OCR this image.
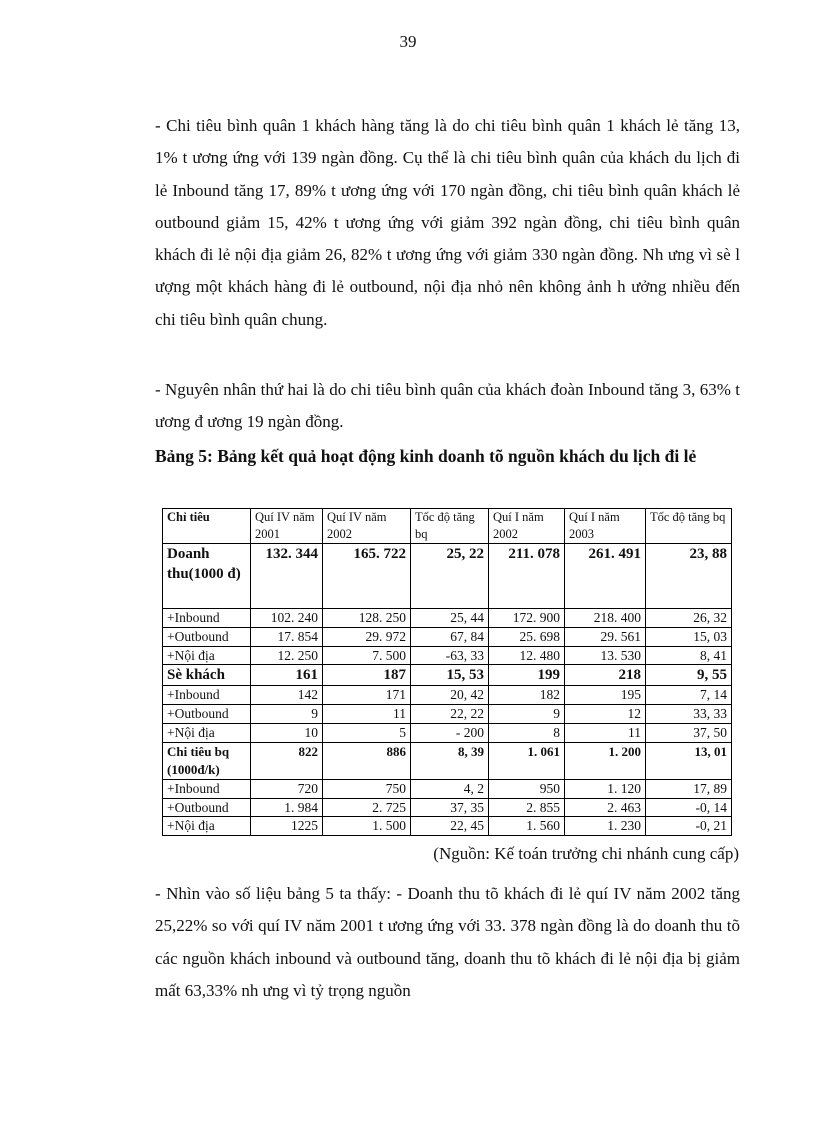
39

- Chi tiêu bình quân 1 khách hàng tăng là do chi tiêu bình quân 1 khách lẻ tăng 13, 1% t ương ứng với 139 ngàn đồng. Cụ thể là chi tiêu bình quân của khách du lịch đi lẻ Inbound tăng 17, 89% t ương ứng với 170 ngàn đồng, chi tiêu bình quân khách lẻ outbound giảm 15, 42% t ương ứng với giảm 392 ngàn đồng, chi tiêu bình quân khách đi lẻ nội địa giảm 26, 82% t ương ứng với giảm 330 ngàn đồng. Nh ưng vì sè l ượng một khách hàng đi lẻ outbound, nội địa nhỏ nên không ảnh h ưởng nhiều đến chi tiêu bình quân chung.

- Nguyên nhân thứ hai là do chi tiêu bình quân của khách đoàn Inbound tăng 3, 63% t ương đ ương 19 ngàn đồng.

Bảng 5: Bảng kết quả hoạt động kinh doanh tõ nguồn khách du lịch đi lẻ

Chỉ tiêu	Quí IV năm 2001	Quí IV năm 2002	Tốc độ tăng bq	Quí I năm 2002	Quí I năm 2003	Tốc độ tăng bq
Doanh thu(1000 đ)	132. 344	165. 722	25, 22	211. 078	261. 491	23, 88
+Inbound	102. 240	128. 250	25, 44	172. 900	218. 400	26, 32
+Outbound	17. 854	29. 972	67, 84	25. 698	29. 561	15, 03
+Nội địa	12. 250	7. 500	-63, 33	12. 480	13. 530	8, 41
Sè khách	161	187	15, 53	199	218	9, 55
+Inbound	142	171	20, 42	182	195	7, 14
+Outbound	9	11	22, 22	9	12	33, 33
+Nội địa	10	5	- 200	8	11	37, 50
Chi tiêu bq (1000đ/k)	822	886	8, 39	1. 061	1. 200	13, 01
+Inbound	720	750	4, 2	950	1. 120	17, 89
+Outbound	1. 984	2. 725	37, 35	2. 855	2. 463	-0, 14
+Nội địa	1225	1. 500	22, 45	1. 560	1. 230	-0, 21
(Nguồn: Kế toán trưởng chi nhánh cung cấp)

- Nhìn vào số liệu bảng 5 ta thấy: - Doanh thu tõ khách đi lẻ quí IV năm 2002 tăng 25,22% so với quí IV năm 2001 t ương ứng với 33. 378 ngàn đồng là do doanh thu tõ các nguồn khách inbound và outbound tăng, doanh thu tõ khách đi lẻ nội địa bị giảm mất 63,33% nh ưng vì tỷ trọng nguồn
